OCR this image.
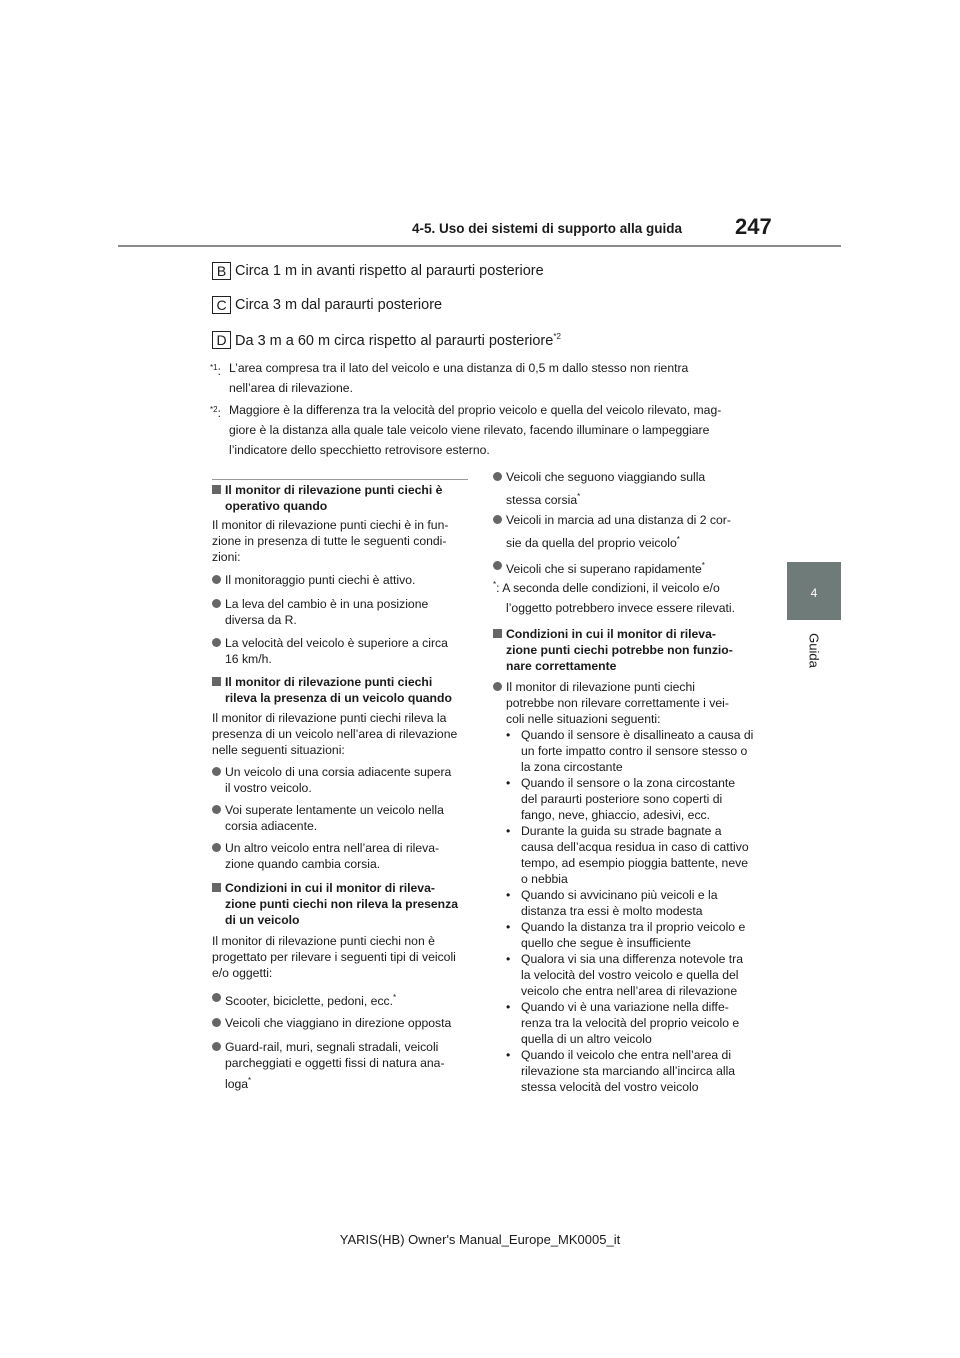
4-5. Uso dei sistemi di supporto alla guida 247
4
Guida
B Circa 1 m in avanti rispetto al paraurti posteriore
C Circa 3 m dal paraurti posteriore
D Da 3 m a 60 m circa rispetto al paraurti posteriore$^{*2}$
$^{*1}$: L’area compresa tra il lato del veicolo e una distanza di 0,5 m dallo stesso non rientra
nell’area di rilevazione.
$^{*2}$: Maggiore è la differenza tra la velocità del proprio veicolo e quella del veicolo rilevato, mag-
giore è la distanza alla quale tale veicolo viene rilevato, facendo illuminare o lampeggiare
l’indicatore dello specchietto retrovisore esterno.
Il monitor di rilevazione punti ciechi è
operativo quando
Il monitor di rilevazione punti ciechi è in fun-
zione in presenza di tutte le seguenti condi-
zioni:
Il monitoraggio punti ciechi è attivo.
La leva del cambio è in una posizione
diversa da R.
La velocità del veicolo è superiore a circa
16 km/h.
Il monitor di rilevazione punti ciechi
rileva la presenza di un veicolo quando
Il monitor di rilevazione punti ciechi rileva la
presenza di un veicolo nell’area di rilevazione
nelle seguenti situazioni:
Un veicolo di una corsia adiacente supera
il vostro veicolo.
Voi superate lentamente un veicolo nella
corsia adiacente.
Un altro veicolo entra nell’area di rileva-
zione quando cambia corsia.
Condizioni in cui il monitor di rileva-
zione punti ciechi non rileva la presenza
di un veicolo
Il monitor di rilevazione punti ciechi non è
progettato per rilevare i seguenti tipi di veicoli
e/o oggetti:
Scooter, biciclette, pedoni, ecc.*
Veicoli che viaggiano in direzione opposta
Guard-rail, muri, segnali stradali, veicoli
parcheggiati e oggetti fissi di natura ana-
loga*
Veicoli che seguono viaggiando sulla
stessa corsia*
Veicoli in marcia ad una distanza di 2 cor-
sie da quella del proprio veicolo*
Veicoli che si superano rapidamente*
*: A seconda delle condizioni, il veicolo e/o
l’oggetto potrebbero invece essere rilevati.
Condizioni in cui il monitor di rileva-
zione punti ciechi potrebbe non funzio-
nare correttamente
Il monitor di rilevazione punti ciechi
potrebbe non rilevare correttamente i vei-
coli nelle situazioni seguenti:
• Quando il sensore è disallineato a causa di
un forte impatto contro il sensore stesso o
la zona circostante
• Quando il sensore o la zona circostante
del paraurti posteriore sono coperti di
fango, neve, ghiaccio, adesivi, ecc.
• Durante la guida su strade bagnate a
causa dell’acqua residua in caso di cattivo
tempo, ad esempio pioggia battente, neve
o nebbia
• Quando si avvicinano più veicoli e la
distanza tra essi è molto modesta
• Quando la distanza tra il proprio veicolo e
quello che segue è insufficiente
• Qualora vi sia una differenza notevole tra
la velocità del vostro veicolo e quella del
veicolo che entra nell’area di rilevazione
• Quando vi è una variazione nella diffe-
renza tra la velocità del proprio veicolo e
quella di un altro veicolo
• Quando il veicolo che entra nell’area di
rilevazione sta marciando all’incirca alla
stessa velocità del vostro veicolo
YARIS(HB) Owner's Manual_Europe_MK0005_it
